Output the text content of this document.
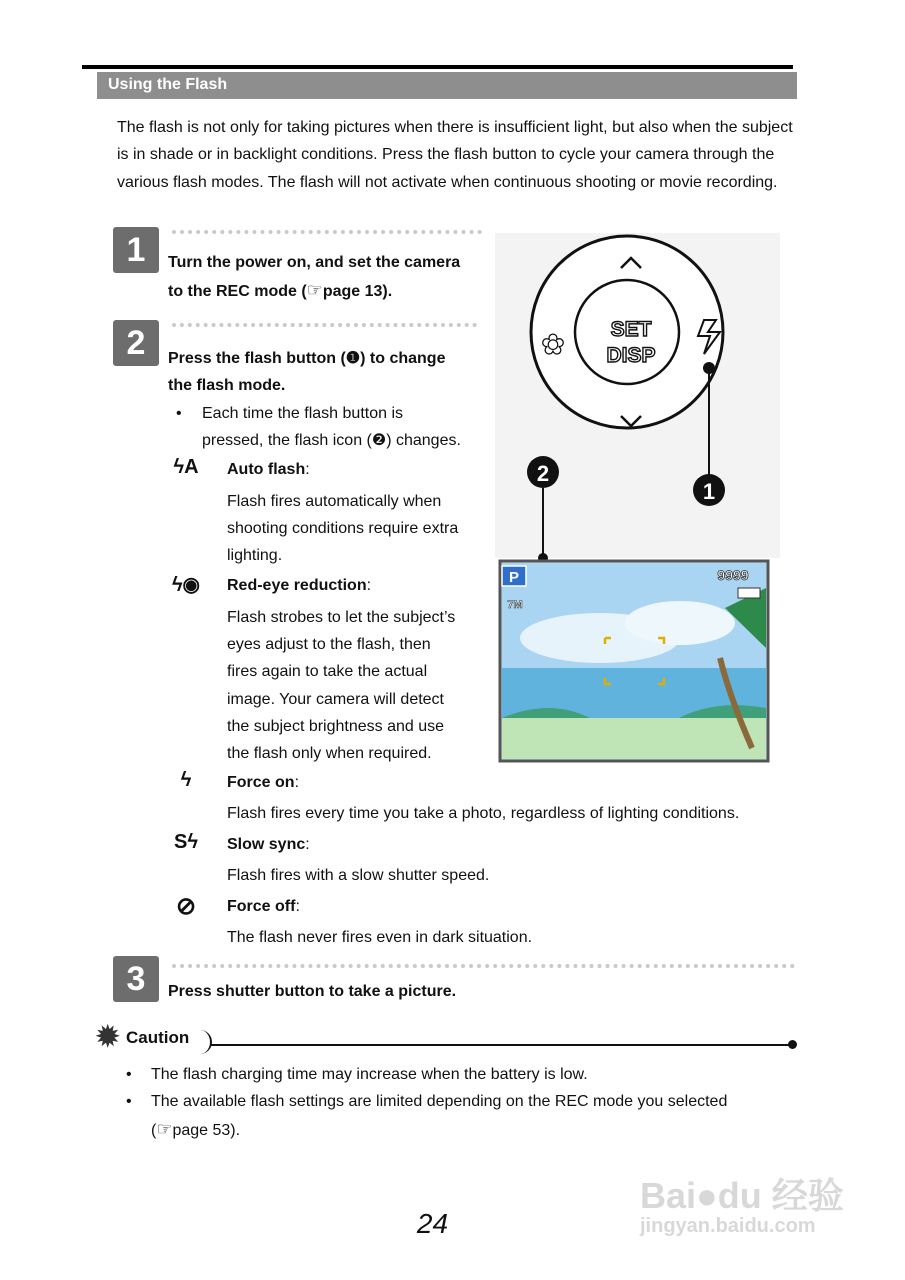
Using the Flash
The flash is not only for taking pictures when there is insufficient light, but also when the subject is in shade or in backlight conditions. Press the flash button to cycle your camera through the various flash modes. The flash will not activate when continuous shooting or movie recording.
1	Turn the power on, and set the camera
to the REC mode (☞page 13).
2	Press the flash button (❶) to change
the flash mode.
• Each time the flash button is
pressed, the flash icon (❷) changes.
ϟA	Auto flash:
Flash fires automatically when
shooting conditions require extra
lighting.
ϟ◉	Red-eye reduction:
Flash strobes to let the subject’s
eyes adjust to the flash, then
fires again to take the actual
image. Your camera will detect
the subject brightness and use
the flash only when required.
ϟ	Force on:
Flash fires every time you take a photo, regardless of lighting conditions.
Sϟ	Slow sync:
Flash fires with a slow shutter speed.
⊘	Force off:
The flash never fires even in dark situation.
3	Press shutter button to take a picture.
SET
DISP
✿
1
2
P	9999
7M
✹ Caution
• The flash charging time may increase when the battery is low.
• The available flash settings are limited depending on the REC mode you selected
(☞page 53).
24
Bai●du 经验
jingyan.baidu.com
